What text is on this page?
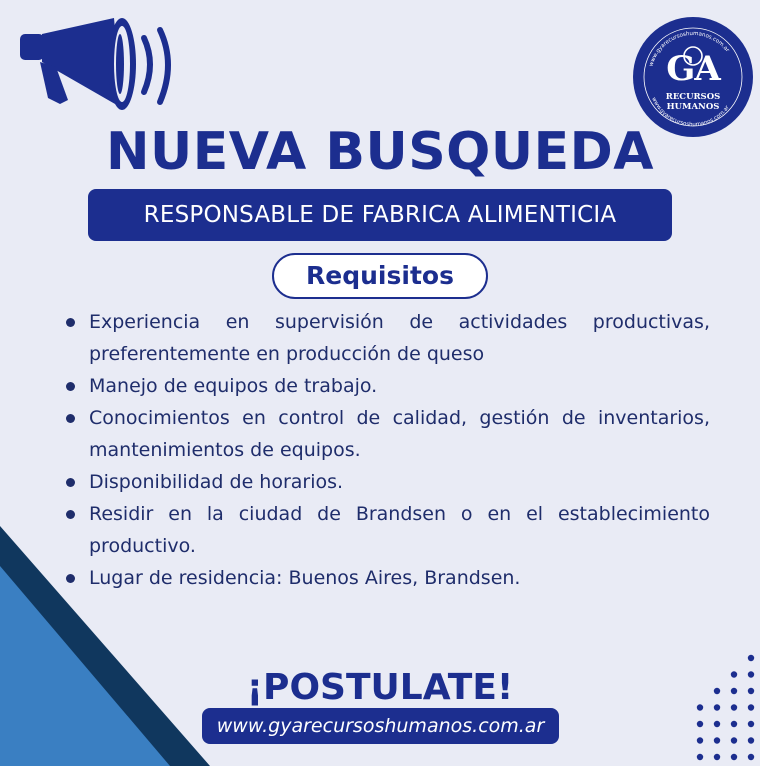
www.gyarecursoshumanos.com.ar
www.gyarecursoshumanos.com.ar
GA
RECURSOS
HUMANOS
NUEVA BUSQUEDA
RESPONSABLE DE FABRICA ALIMENTICIA
Requisitos
Experiencia en supervisión de actividades productivas, preferentemente en producción de queso
Manejo de equipos de trabajo.
Conocimientos en control de calidad, gestión de inventarios, mantenimientos de equipos.
Disponibilidad de horarios.
Residir en la ciudad de Brandsen o en el establecimiento productivo.
Lugar de residencia: Buenos Aires, Brandsen.
¡POSTULATE!
www.gyarecursoshumanos.com.ar
